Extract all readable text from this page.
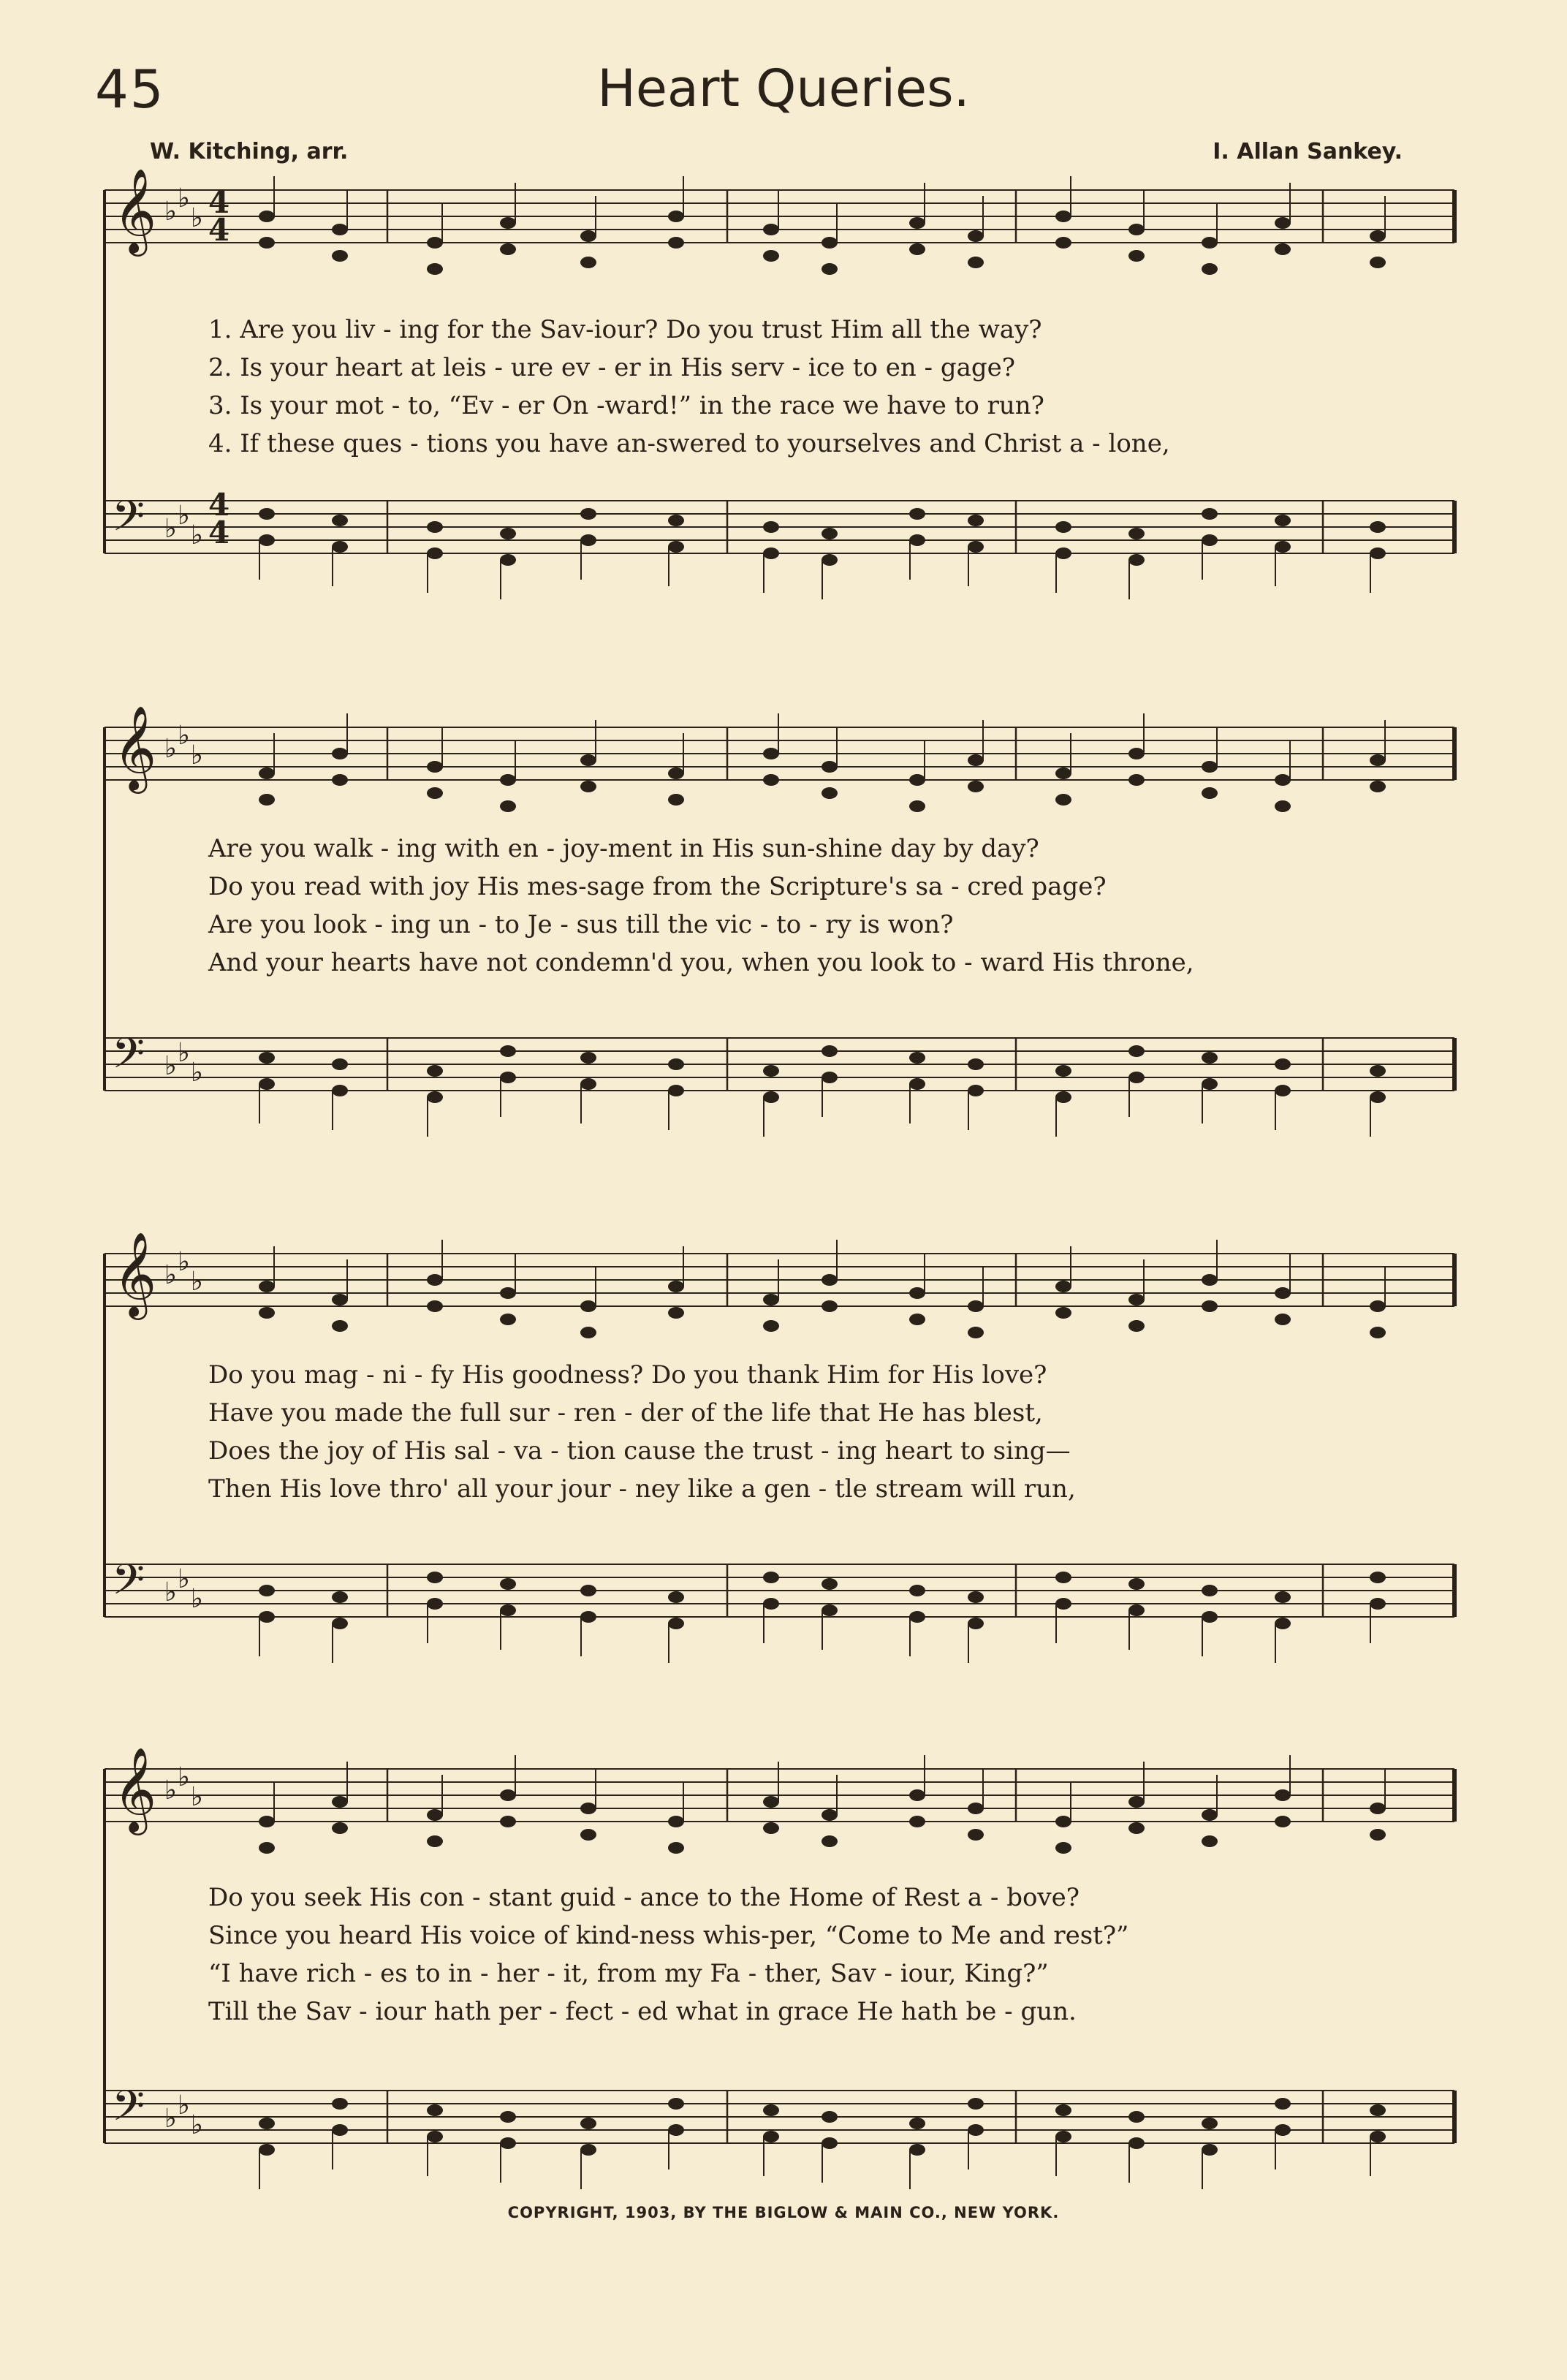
45	Heart Queries.
W. Kitching, arr.	I. Allan Sankey.
𝄞
𝄢
♭ ♭
♭
♭ ♭
♭
1. Are you liv - ing for the Sav-iour? Do you trust Him all the way?
2. Is your heart at leis - ure ev - er in His serv - ice to en - gage?
3. Is your mot - to, “Ev - er On -ward!” in the race we have to run?
4. If these ques - tions you have an-swered to yourselves and Christ a - lone,
4
4
4
4
𝄞
𝄢
♭ ♭
♭
♭ ♭
♭
Are you walk - ing with en - joy-ment in His sun-shine day by day?
Do you read with joy His mes-sage from the Scripture's sa - cred page?
Are you look - ing un - to Je - sus till the vic - to - ry is won?
And your hearts have not condemn'd you, when you look to - ward His throne,
𝄞
𝄢
♭ ♭
♭
♭ ♭
♭
Do you mag - ni - fy His goodness? Do you thank Him for His love?
Have you made the full sur - ren - der of the life that He has blest,
Does the joy of His sal - va - tion cause the trust - ing heart to sing—
Then His love thro' all your jour - ney like a gen - tle stream will run,
𝄞
𝄢
♭ ♭
♭
♭ ♭
♭
Do you seek His con - stant guid - ance to the Home of Rest a - bove?
Since you heard His voice of kind-ness whis-per, “Come to Me and rest?”
“I have rich - es to in - her - it, from my Fa - ther, Sav - iour, King?”
Till the Sav - iour hath per - fect - ed what in grace He hath be - gun.
COPYRIGHT, 1903, BY THE BIGLOW & MAIN CO., NEW YORK.
